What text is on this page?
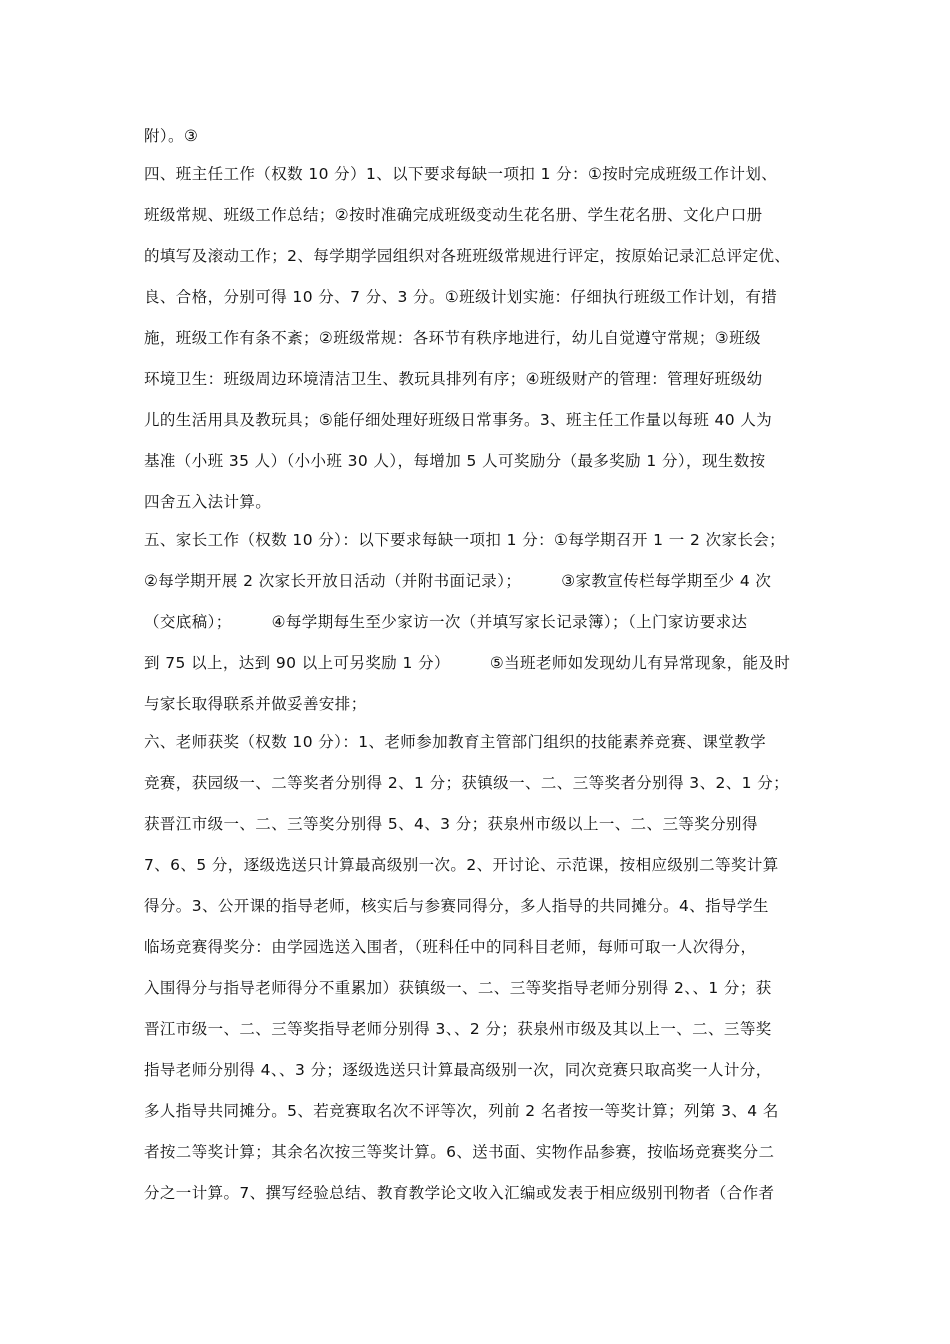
附）。③
四、班主任工作（权数 10 分）1、以下要求每缺一项扣 1 分：①按时完成班级工作计划、
班级常规、班级工作总结；②按时准确完成班级变动生花名册、学生花名册、文化户口册
的填写及滚动工作；2、每学期学园组织对各班班级常规进行评定，按原始记录汇总评定优、
良、合格，分别可得 10 分、7 分、3 分。①班级计划实施：仔细执行班级工作计划，有措
施，班级工作有条不紊；②班级常规：各环节有秩序地进行，幼儿自觉遵守常规；③班级
环境卫生：班级周边环境清洁卫生、教玩具排列有序；④班级财产的管理：管理好班级幼
儿的生活用具及教玩具；⑤能仔细处理好班级日常事务。3、班主任工作量以每班 40 人为
基准（小班 35 人）（小小班 30 人），每增加 5 人可奖励分（最多奖励 1 分），现生数按
四舍五入法计算。
五、家长工作（权数 10 分）：以下要求每缺一项扣 1 分：①每学期召开 1 一 2 次家长会；
②每学期开展 2 次家长开放日活动（并附书面记录）；　　　③家教宣传栏每学期至少 4 次
（交底稿）；　　　④每学期每生至少家访一次（并填写家长记录簿）；（上门家访要求达
到 75 以上，达到 90 以上可另奖励 1 分）　　　⑤当班老师如发现幼儿有异常现象，能及时
与家长取得联系并做妥善安排；
六、老师获奖（权数 10 分）：1、老师参加教育主管部门组织的技能素养竞赛、课堂教学
竞赛，获园级一、二等奖者分别得 2、1 分；获镇级一、二、三等奖者分别得 3、2、1 分；
获晋江市级一、二、三等奖分别得 5、4、3 分；获泉州市级以上一、二、三等奖分别得
7、6、5 分，逐级选送只计算最高级别一次。2、开讨论、示范课，按相应级别二等奖计算
得分。3、公开课的指导老师，核实后与参赛同得分，多人指导的共同摊分。4、指导学生
临场竞赛得奖分：由学园选送入围者，（班科任中的同科目老师，每师可取一人次得分，
入围得分与指导老师得分不重累加）获镇级一、二、三等奖指导老师分别得 2、、1 分；获
晋江市级一、二、三等奖指导老师分别得 3、、2 分；获泉州市级及其以上一、二、三等奖
指导老师分别得 4、、3 分；逐级选送只计算最高级别一次，同次竞赛只取高奖一人计分，
多人指导共同摊分。5、若竞赛取名次不评等次，列前 2 名者按一等奖计算；列第 3、4 名
者按二等奖计算；其余名次按三等奖计算。6、送书面、实物作品参赛，按临场竞赛奖分二
分之一计算。7、撰写经验总结、教育教学论文收入汇编或发表于相应级别刊物者（合作者
